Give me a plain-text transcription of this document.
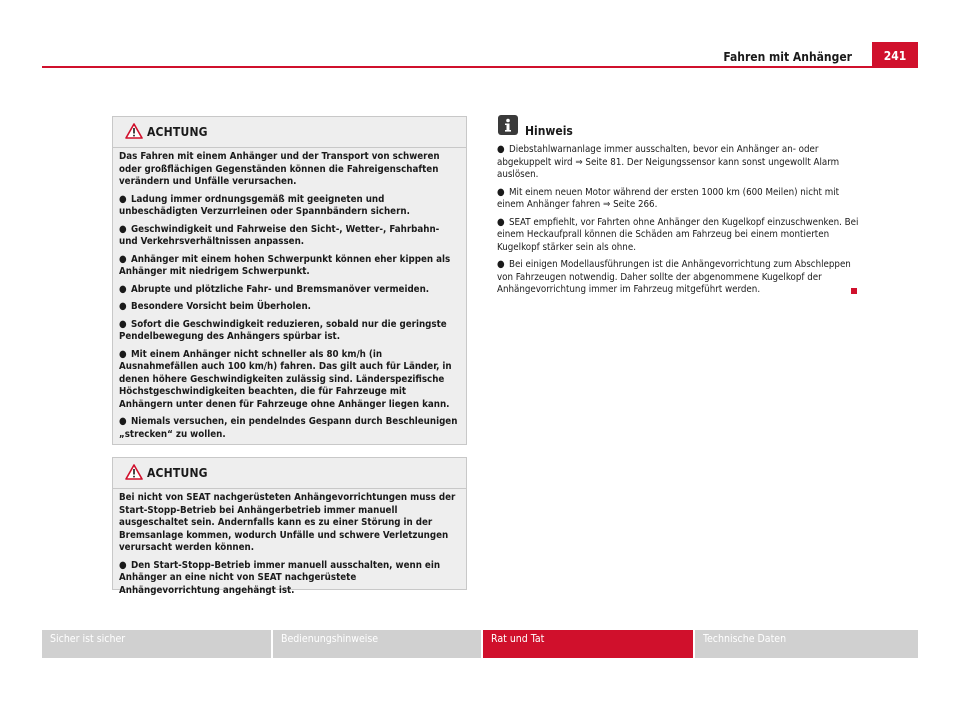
Fahren mit Anhänger	241
ACHTUNG

Das Fahren mit einem Anhänger und der Transport von schweren oder großflächigen Gegenständen können die Fahreigenschaften verändern und Unfälle verursachen.

● Ladung immer ordnungsgemäß mit geeigneten und unbeschädigten Verzurrleinen oder Spannbändern sichern.

● Geschwindigkeit und Fahrweise den Sicht-, Wetter-, Fahrbahn- und Verkehrsverhältnissen anpassen.

● Anhänger mit einem hohen Schwerpunkt können eher kippen als Anhänger mit niedrigem Schwerpunkt.

● Abrupte und plötzliche Fahr- und Bremsmanöver vermeiden.

● Besondere Vorsicht beim Überholen.

● Sofort die Geschwindigkeit reduzieren, sobald nur die geringste Pendelbewegung des Anhängers spürbar ist.

● Mit einem Anhänger nicht schneller als 80 km/h (in Ausnahmefällen auch 100 km/h) fahren. Das gilt auch für Länder, in denen höhere Geschwindigkeiten zulässig sind. Länderspezifische Höchstgeschwindigkeiten beachten, die für Fahrzeuge mit Anhängern unter denen für Fahrzeuge ohne Anhänger liegen kann.

● Niemals versuchen, ein pendelndes Gespann durch Beschleunigen „strecken“ zu wollen.

ACHTUNG

Bei nicht von SEAT nachgerüsteten Anhängevorrichtungen muss der Start-Stopp-Betrieb bei Anhängerbetrieb immer manuell ausgeschaltet sein. Andernfalls kann es zu einer Störung in der Bremsanlage kommen, wodurch Unfälle und schwere Verletzungen verursacht werden können.

● Den Start-Stopp-Betrieb immer manuell ausschalten, wenn ein Anhänger an eine nicht von SEAT nachgerüstete Anhängevorrichtung angehängt ist.

Hinweis

● Diebstahlwarnanlage immer ausschalten, bevor ein Anhänger an- oder abgekuppelt wird ⇒ Seite 81. Der Neigungssensor kann sonst ungewollt Alarm auslösen.

● Mit einem neuen Motor während der ersten 1000 km (600 Meilen) nicht mit einem Anhänger fahren ⇒ Seite 266.

● SEAT empfiehlt, vor Fahrten ohne Anhänger den Kugelkopf einzuschwenken. Bei einem Heckaufprall können die Schäden am Fahrzeug bei einem montierten Kugelkopf stärker sein als ohne.

● Bei einigen Modellausführungen ist die Anhängevorrichtung zum Abschleppen von Fahrzeugen notwendig. Daher sollte der abgenommene Kugelkopf der Anhängevorrichtung immer im Fahrzeug mitgeführt werden.

Sicher ist sicher	Bedienungshinweise	Rat und Tat	Technische Daten
